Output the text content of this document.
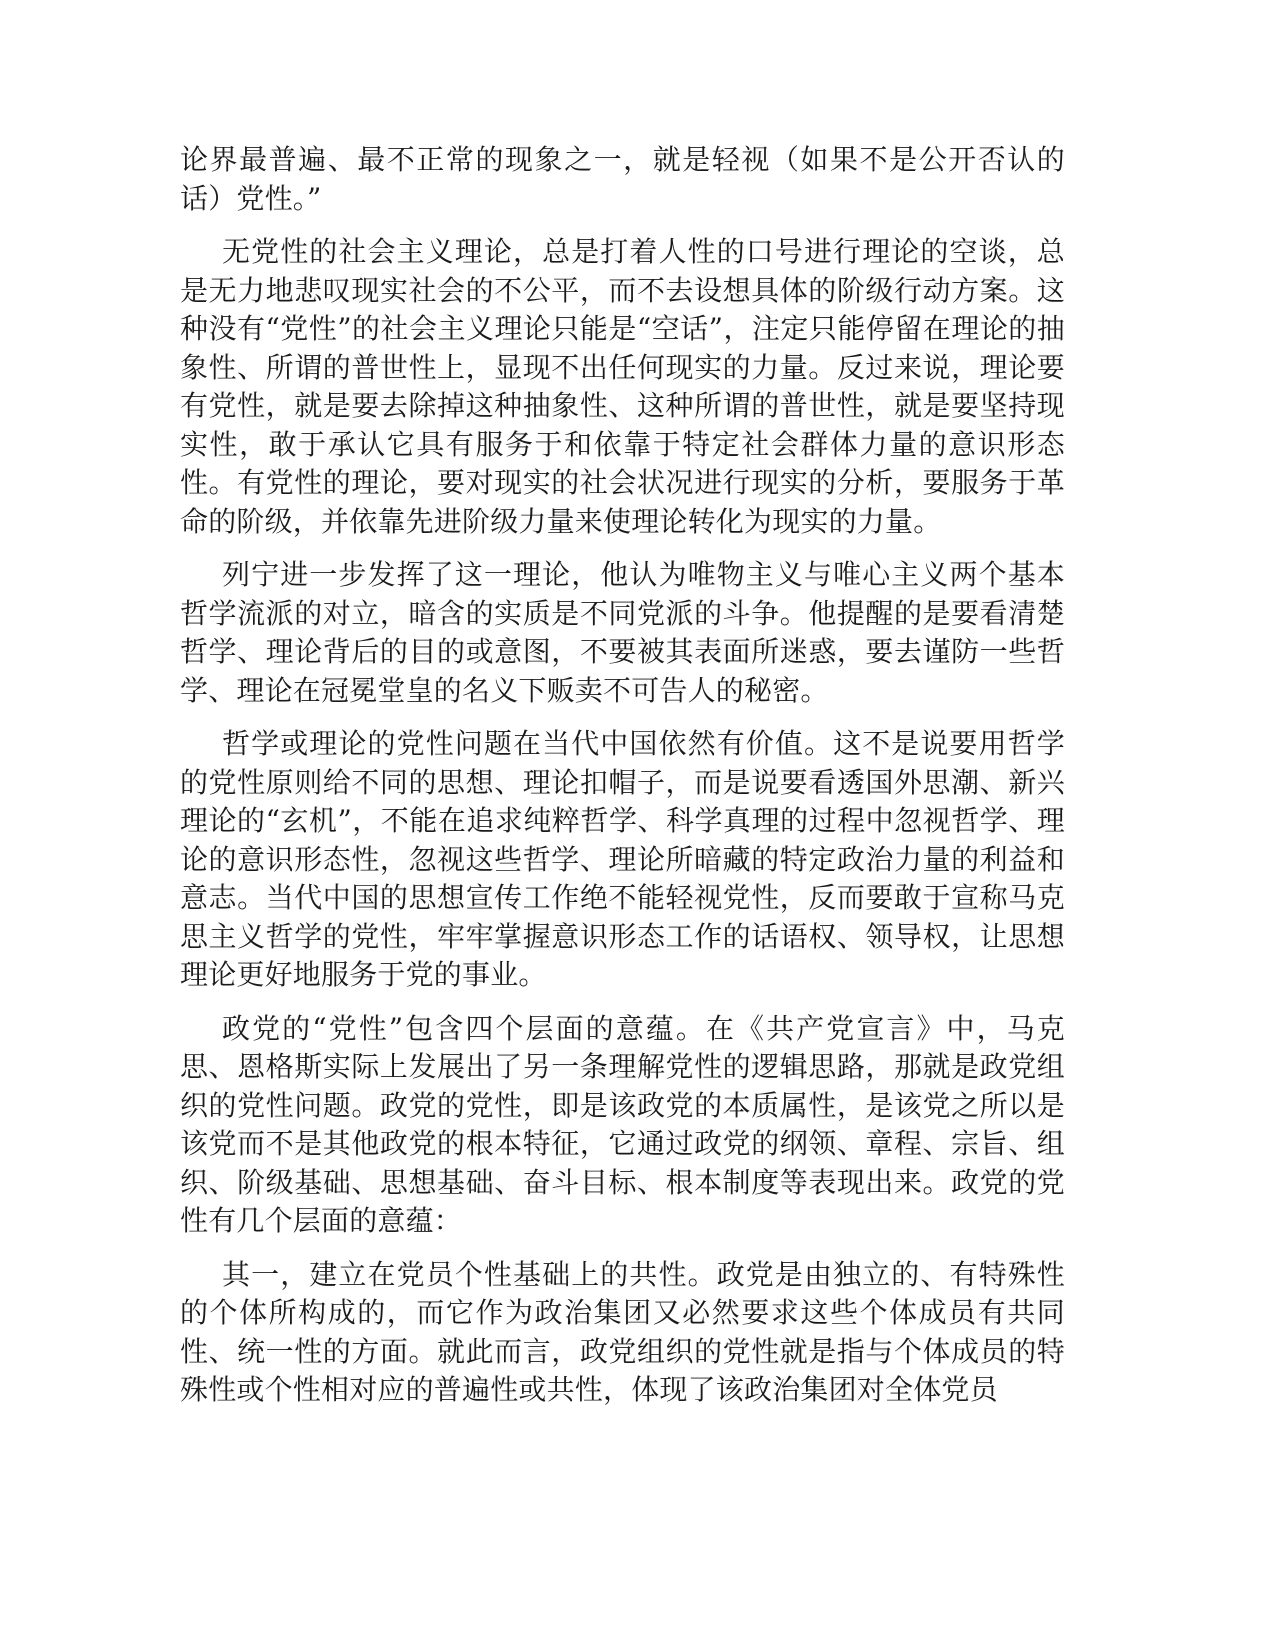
论界最普遍、最不正常的现象之一，就是轻视（如果不是公开否认的话）党性。”

无党性的社会主义理论，总是打着人性的口号进行理论的空谈，总是无力地悲叹现实社会的不公平，而不去设想具体的阶级行动方案。这种没有“党性”的社会主义理论只能是“空话”，注定只能停留在理论的抽象性、所谓的普世性上，显现不出任何现实的力量。反过来说，理论要有党性，就是要去除掉这种抽象性、这种所谓的普世性，就是要坚持现实性，敢于承认它具有服务于和依靠于特定社会群体力量的意识形态性。有党性的理论，要对现实的社会状况进行现实的分析，要服务于革命的阶级，并依靠先进阶级力量来使理论转化为现实的力量。

列宁进一步发挥了这一理论，他认为唯物主义与唯心主义两个基本哲学流派的对立，暗含的实质是不同党派的斗争。他提醒的是要看清楚哲学、理论背后的目的或意图，不要被其表面所迷惑，要去谨防一些哲学、理论在冠冕堂皇的名义下贩卖不可告人的秘密。

哲学或理论的党性问题在当代中国依然有价值。这不是说要用哲学的党性原则给不同的思想、理论扣帽子，而是说要看透国外思潮、新兴理论的“玄机”，不能在追求纯粹哲学、科学真理的过程中忽视哲学、理论的意识形态性，忽视这些哲学、理论所暗藏的特定政治力量的利益和意志。当代中国的思想宣传工作绝不能轻视党性，反而要敢于宣称马克思主义哲学的党性，牢牢掌握意识形态工作的话语权、领导权，让思想理论更好地服务于党的事业。

政党的“党性”包含四个层面的意蕴。在《共产党宣言》中，马克思、恩格斯实际上发展出了另一条理解党性的逻辑思路，那就是政党组织的党性问题。政党的党性，即是该政党的本质属性，是该党之所以是该党而不是其他政党的根本特征，它通过政党的纲领、章程、宗旨、组织、阶级基础、思想基础、奋斗目标、根本制度等表现出来。政党的党性有几个层面的意蕴：

其一，建立在党员个性基础上的共性。政党是由独立的、有特殊性的个体所构成的，而它作为政治集团又必然要求这些个体成员有共同性、统一性的方面。就此而言，政党组织的党性就是指与个体成员的特殊性或个性相对应的普遍性或共性，体现了该政治集团对全体党员
